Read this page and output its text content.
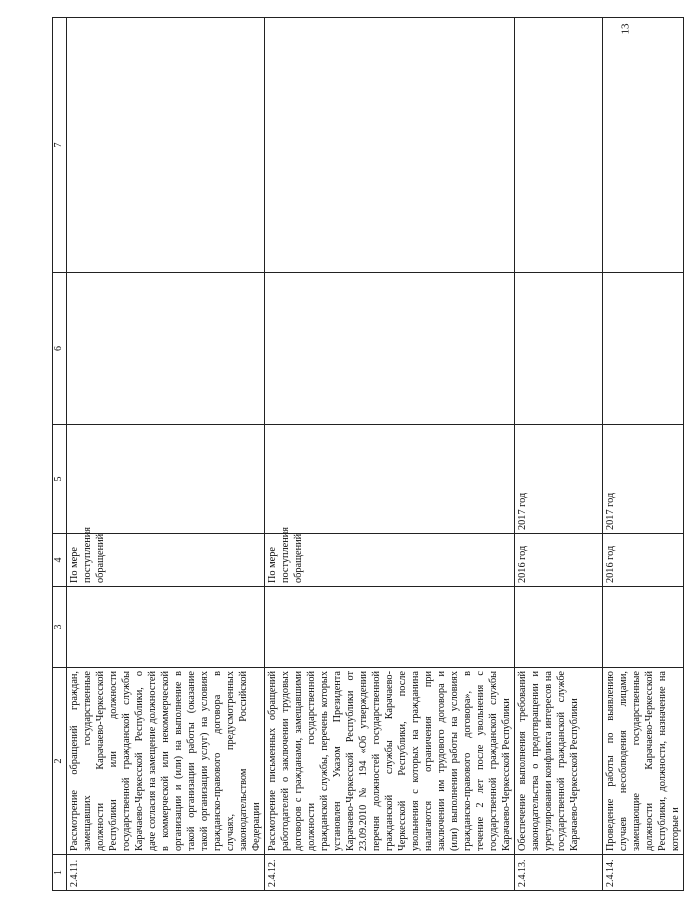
13
1	2	3	4	5	6	7
2.4.11.	Рассмотрение обращений граждан, замещавших государственные должности Карачаево-Черкесской Республики или должности государственной гражданской службы Карачаево-Черкесской Республики, о даче согласия на замещение должностей в коммерческой или некоммерческой организации и (или) на выполнение в такой организации работы (оказание такой организации услуг) на условиях гражданско-правового договора в случаях, предусмотренных законодательством Российской Федерации		По мере поступления обращений			
2.4.12.	Рассмотрение письменных обращений работодателей о заключении трудовых договоров с гражданами, замещавшими должности государственной гражданской службы, перечень которых установлен Указом Президента Карачаево-Черкесской Республики от 23.09.2010 № 194 «Об утверждении перечня должностей государственной гражданской службы Карачаево-Черкесской Республики, после увольнения с которых на гражданина налагаются ограничения при заключении им трудового договора и (или) выполнении работы на условиях гражданско-правового договора», в течение 2 лет после увольнения с государственной гражданской службы Карачаево-Черкесской Республики		По мере поступления обращений			
2.4.13.	Обеспечение выполнения требований законодательства о предотвращении и урегулировании конфликта интересов на государственной гражданской службе Карачаево-Черкесской Республики		2016 год	2017 год		
2.4.14.	Проведение работы по выявлению случаев несоблюдения лицами, замещающие государственные должности Карачаево-Черкесской Республики, должности, назначение на которые и		2016 год	2017 год		
